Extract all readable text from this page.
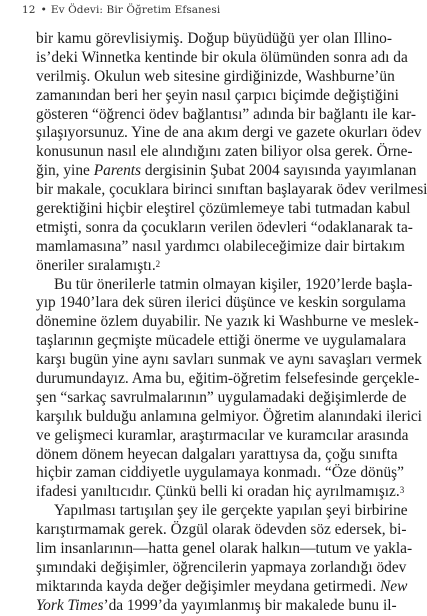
12 • Ev Ödevi: Bir Öğretim Efsanesi
bir kamu görevlisiymiş. Doğup büyüdüğü yer olan Illino-
is’deki Winnetka kentinde bir okula ölümünden sonra adı da
verilmiş. Okulun web sitesine girdiğinizde, Washburne’ün
zamanından beri her şeyin nasıl çarpıcı biçimde değiştiğini
gösteren “öğrenci ödev bağlantısı” adında bir bağlantı ile kar-
şılaşıyorsunuz. Yine de ana akım dergi ve gazete okurları ödev
konusunun nasıl ele alındığını zaten biliyor olsa gerek. Örne-
ğin, yine Parents dergisinin Şubat 2004 sayısında yayımlanan
bir makale, çocuklara birinci sınıftan başlayarak ödev verilmesi
gerektiğini hiçbir eleştirel çözümlemeye tabi tutmadan kabul
etmişti, sonra da çocukların verilen ödevleri “odaklanarak ta-
mamlamasına” nasıl yardımcı olabileceğimize dair birtakım
öneriler sıralamıştı.$^2$
Bu tür önerilerle tatmin olmayan kişiler, 1920’lerde başla-
yıp 1940’lara dek süren ilerici düşünce ve keskin sorgulama
dönemine özlem duyabilir. Ne yazık ki Washburne ve meslek-
taşlarının geçmişte mücadele ettiği önerme ve uygulamalara
karşı bugün yine aynı savları sunmak ve aynı savaşları vermek
durumundayız. Ama bu, eğitim-öğretim felsefesinde gerçekle-
şen “sarkaç savrulmalarının” uygulamadaki değişimlerde de
karşılık bulduğu anlamına gelmiyor. Öğretim alanındaki ilerici
ve gelişmeci kuramlar, araştırmacılar ve kuramcılar arasında
dönem dönem heyecan dalgaları yarattıysa da, çoğu sınıfta
hiçbir zaman ciddiyetle uygulamaya konmadı. “Öze dönüş”
ifadesi yanıltıcıdır. Çünkü belli ki oradan hiç ayrılmamışız.$^3$
Yapılması tartışılan şey ile gerçekte yapılan şeyi birbirine
karıştırmamak gerek. Özgül olarak ödevden söz edersek, bi-
lim insanlarının—hatta genel olarak halkın—tutum ve yakla-
şımındaki değişimler, öğrencilerin yapmaya zorlandığı ödev
miktarında kayda değer değişimler meydana getirmedi. New
York Times’da 1999’da yayımlanmış bir makalede bunu il-
